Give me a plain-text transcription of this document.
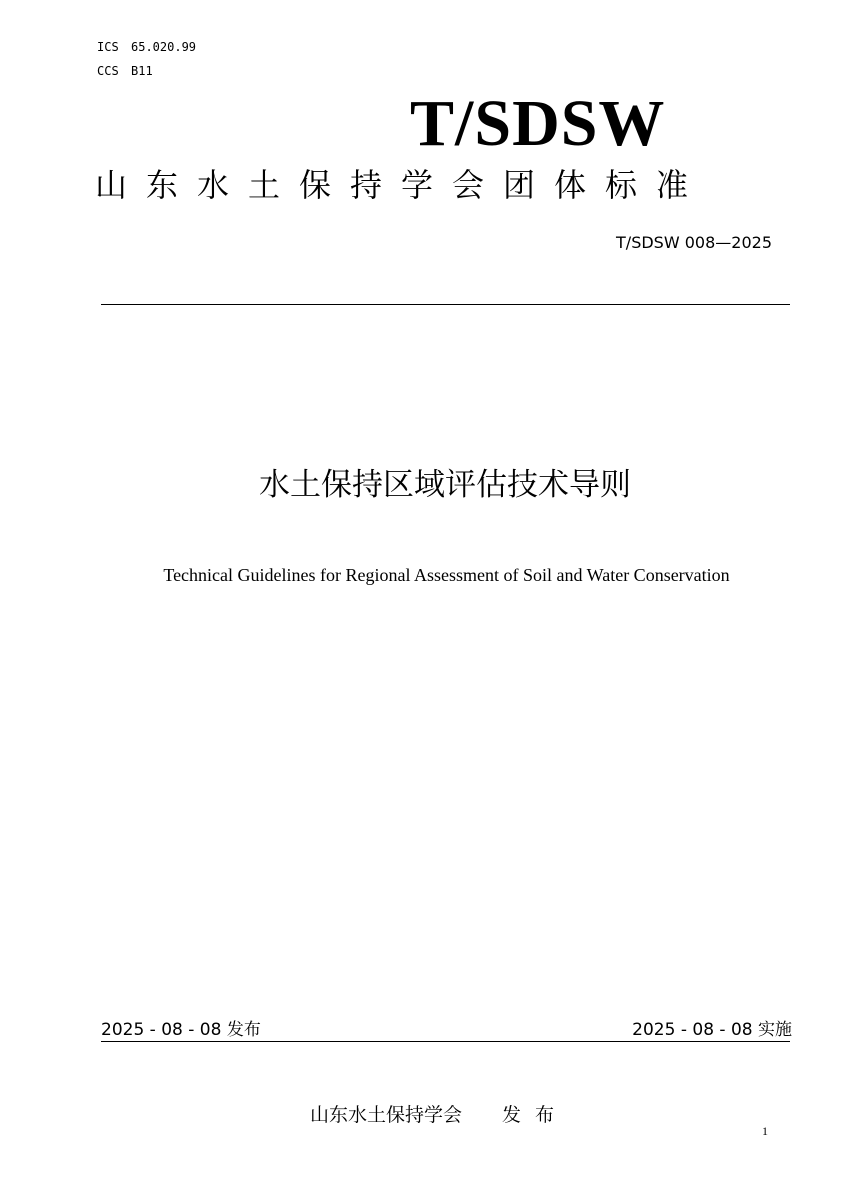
ICS 65.020.99
CCS B11
T/SDSW
山东水土保持学会团体标准
T/SDSW 008—2025
水土保持区域评估技术导则
Technical Guidelines for Regional Assessment of Soil and Water Conservation
2025 - 08 - 08 发布	2025 - 08 - 08 实施
山东水土保持学会 发布
1
